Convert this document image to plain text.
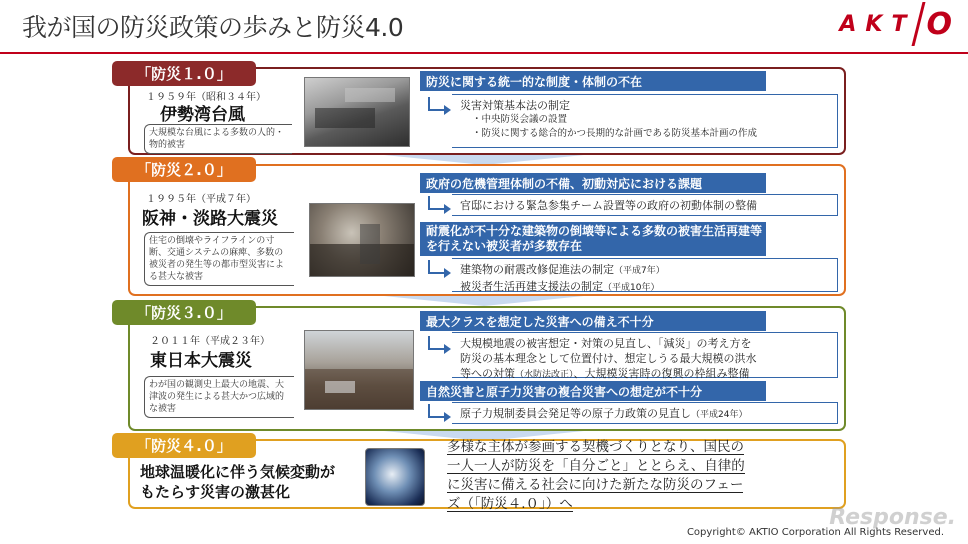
我が国の防災政策の歩みと防災4.0	AKT O
「防災１.０」
１９５９年（昭和３４年）
伊勢湾台風
大規模な台風による多数の人的・物的被害
防災に関する統一的な制度・体制の不在
災害対策基本法の制定
・中央防災会議の設置
・防災に関する総合的かつ長期的な計画である防災基本計画の作成
「防災２.０」
１９９５年（平成７年）
阪神・淡路大震災
住宅の倒壊やライフラインの寸断、交通システムの麻痺、多数の被災者の発生等の都市型災害による甚大な被害
政府の危機管理体制の不備、初動対応における課題
官邸における緊急参集チーム設置等の政府の初動体制の整備
耐震化が不十分な建築物の倒壊等による多数の被害生活再建等を行えない被災者が多数存在
建築物の耐震改修促進法の制定（平成7年）
被災者生活再建支援法の制定（平成10年）
「防災３.０」
２０１１年（平成２３年）
東日本大震災
わが国の観測史上最大の地震、大津波の発生による甚大かつ広域的な被害
最大クラスを想定した災害への備え不十分
大規模地震の被害想定・対策の見直し、「減災」の考え方を
防災の基本理念として位置付け、想定しうる最大規模の洪水
等への対策（水防法改正）、大規模災害時の復興の枠組み整備
自然災害と原子力災害の複合災害への想定が不十分
原子力規制委員会発足等の原子力政策の見直し（平成24年）
「防災４.０」
地球温暖化に伴う気候変動が
もたらす災害の激甚化
多様な主体が参画する契機づくりとなり、国民の
一人一人が防災を「自分ごと」ととらえ、自律的
に災害に備える社会に向けた新たな防災のフェー
ズ（「防災４.０」）へ
Response.
Copyright© AKTIO Corporation All Rights Reserved.
